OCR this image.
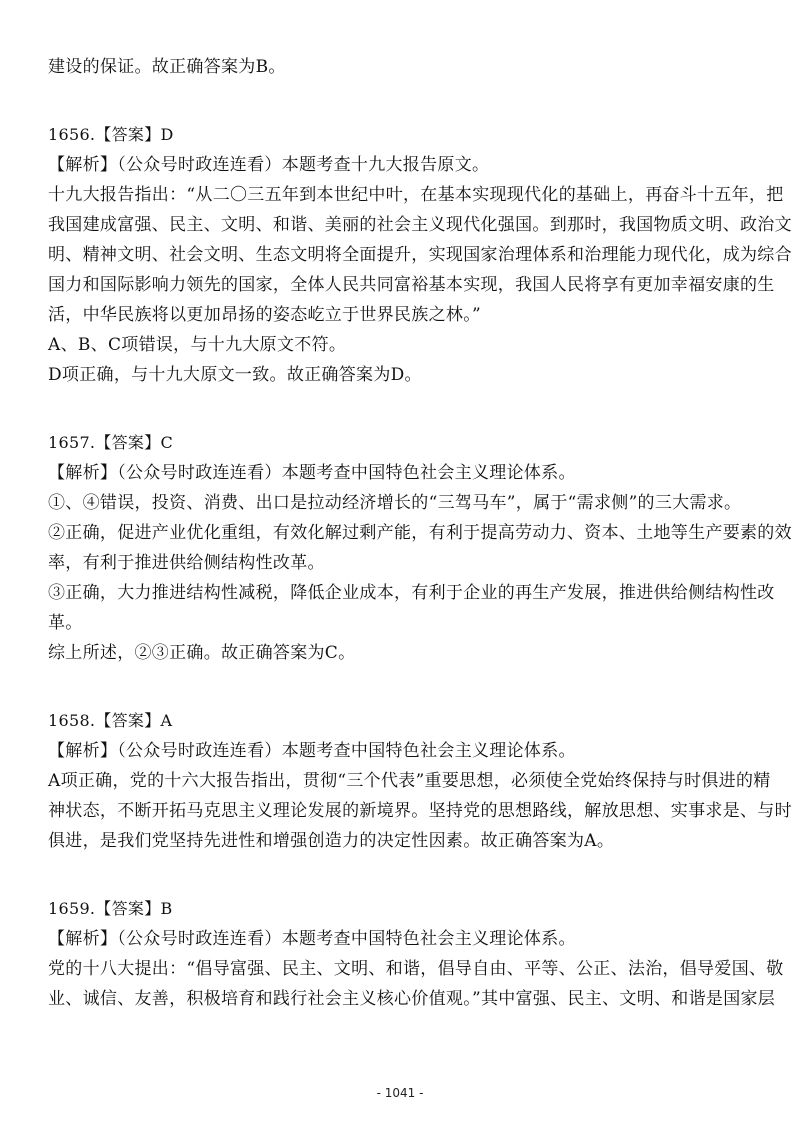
建设的保证。故正确答案为B。
1656.【答案】D
【解析】（公众号时政连连看）本题考查十九大报告原文。
十九大报告指出：“从二〇三五年到本世纪中叶，在基本实现现代化的基础上，再奋斗十五年，把
我国建成富强、民主、文明、和谐、美丽的社会主义现代化强国。到那时，我国物质文明、政治文
明、精神文明、社会文明、生态文明将全面提升，实现国家治理体系和治理能力现代化，成为综合
国力和国际影响力领先的国家，全体人民共同富裕基本实现，我国人民将享有更加幸福安康的生
活，中华民族将以更加昂扬的姿态屹立于世界民族之林。”
A、B、C项错误，与十九大原文不符。
D项正确，与十九大原文一致。故正确答案为D。
1657.【答案】C
【解析】（公众号时政连连看）本题考查中国特色社会主义理论体系。
①、④错误，投资、消费、出口是拉动经济增长的“三驾马车”，属于“需求侧”的三大需求。
②正确，促进产业优化重组，有效化解过剩产能，有利于提高劳动力、资本、土地等生产要素的效
率，有利于推进供给侧结构性改革。
③正确，大力推进结构性减税，降低企业成本，有利于企业的再生产发展，推进供给侧结构性改
革。
综上所述，②③正确。故正确答案为C。
1658.【答案】A
【解析】（公众号时政连连看）本题考查中国特色社会主义理论体系。
A项正确，党的十六大报告指出，贯彻“三个代表”重要思想，必须使全党始终保持与时俱进的精
神状态，不断开拓马克思主义理论发展的新境界。坚持党的思想路线，解放思想、实事求是、与时
俱进，是我们党坚持先进性和增强创造力的决定性因素。故正确答案为A。
1659.【答案】B
【解析】（公众号时政连连看）本题考查中国特色社会主义理论体系。
党的十八大提出：“倡导富强、民主、文明、和谐，倡导自由、平等、公正、法治，倡导爱国、敬
业、诚信、友善，积极培育和践行社会主义核心价值观。”其中富强、民主、文明、和谐是国家层
- 1041 -
